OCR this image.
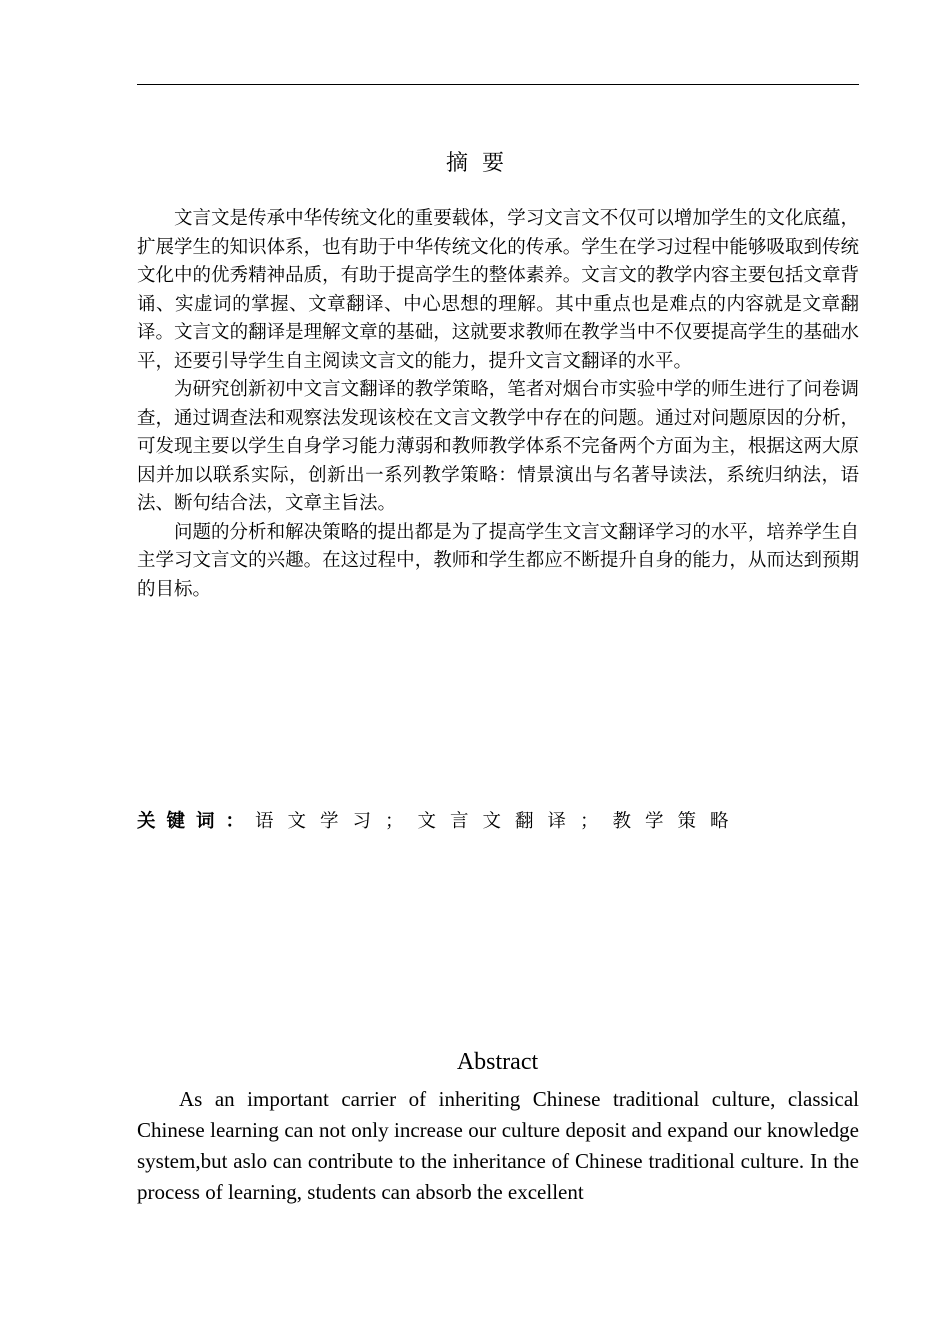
摘要

文言文是传承中华传统文化的重要载体，学习文言文不仅可以增加学生的文化底蕴，扩展学生的知识体系，也有助于中华传统文化的传承。学生在学习过程中能够吸取到传统文化中的优秀精神品质，有助于提高学生的整体素养。文言文的教学内容主要包括文章背诵、实虚词的掌握、文章翻译、中心思想的理解。其中重点也是难点的内容就是文章翻译。文言文的翻译是理解文章的基础，这就要求教师在教学当中不仅要提高学生的基础水平，还要引导学生自主阅读文言文的能力，提升文言文翻译的水平。

为研究创新初中文言文翻译的教学策略，笔者对烟台市实验中学的师生进行了问卷调查，通过调查法和观察法发现该校在文言文教学中存在的问题。通过对问题原因的分析，可发现主要以学生自身学习能力薄弱和教师教学体系不完备两个方面为主，根据这两大原因并加以联系实际，创新出一系列教学策略：情景演出与名著导读法，系统归纳法，语法、断句结合法，文章主旨法。

问题的分析和解决策略的提出都是为了提高学生文言文翻译学习的水平，培养学生自主学习文言文的兴趣。在这过程中，教师和学生都应不断提升自身的能力，从而达到预期的目标。

关键词：语文学习；文言文翻译；教学策略
Abstract

As an important carrier of inheriting Chinese traditional culture, classical Chinese learning can not only increase our culture deposit and expand our knowledge system,but aslo can contribute to the inheritance of Chinese traditional culture. In the process of learning, students can absorb the excellent
